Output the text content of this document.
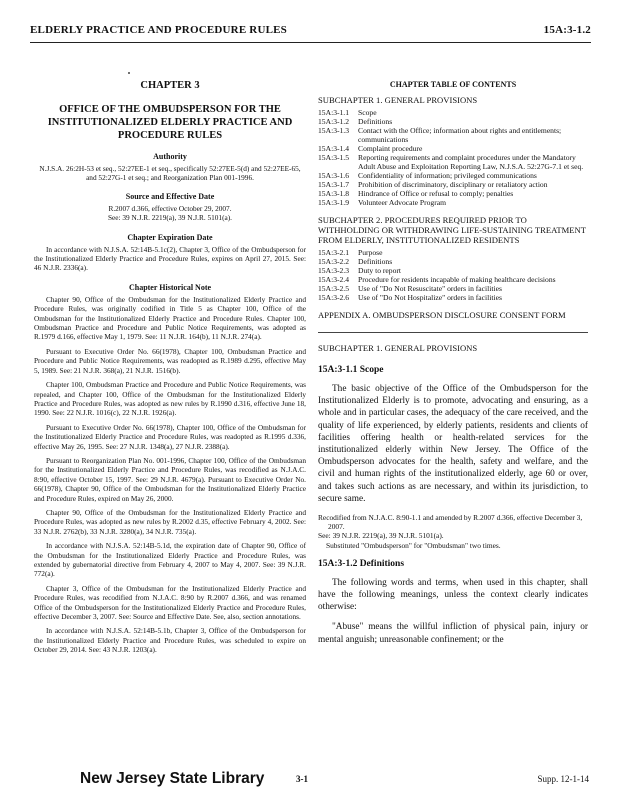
ELDERLY PRACTICE AND PROCEDURE RULES	15A:3-1.2
CHAPTER 3
OFFICE OF THE OMBUDSPERSON FOR THE INSTITUTIONALIZED ELDERLY PRACTICE AND PROCEDURE RULES
Authority
N.J.S.A. 26:2H-53 et seq., 52:27EE-1 et seq., specifically 52:27EE-5(d) and 52:27EE-65, and 52:27G-1 et seq.; and Reorganization Plan 001-1996.
Source and Effective Date
R.2007 d.366, effective October 29, 2007.
See: 39 N.J.R. 2219(a), 39 N.J.R. 5101(a).
Chapter Expiration Date

In accordance with N.J.S.A. 52:14B-5.1c(2), Chapter 3, Office of the Ombudsperson for the Institutionalized Elderly Practice and Procedure Rules, expires on April 27, 2015. See: 46 N.J.R. 2336(a).

Chapter Historical Note

Chapter 90, Office of the Ombudsman for the Institutionalized Elderly Practice and Procedure Rules, was originally codified in Title 5 as Chapter 100, Office of the Ombudsman for the Institutionalized Elderly Practice and Procedure Rules. Chapter 100, Ombudsman Practice and Procedure and Public Notice Requirements, was adopted as R.1979 d.166, effective May 1, 1979. See: 11 N.J.R. 164(b), 11 N.J.R. 274(a).

Pursuant to Executive Order No. 66(1978), Chapter 100, Ombudsman Practice and Procedure and Public Notice Requirements, was readopted as R.1989 d.295, effective May 5, 1989. See: 21 N.J.R. 368(a), 21 N.J.R. 1516(b).

Chapter 100, Ombudsman Practice and Procedure and Public Notice Requirements, was repealed, and Chapter 100, Office of the Ombudsman for the Institutionalized Elderly Practice and Procedure Rules, was adopted as new rules by R.1990 d.316, effective June 18, 1990. See: 22 N.J.R. 1016(c), 22 N.J.R. 1926(a).

Pursuant to Executive Order No. 66(1978), Chapter 100, Office of the Ombudsman for the Institutionalized Elderly Practice and Procedure Rules, was readopted as R.1995 d.336, effective May 26, 1995. See: 27 N.J.R. 1348(a), 27 N.J.R. 2388(a).

Pursuant to Reorganization Plan No. 001-1996, Chapter 100, Office of the Ombudsman for the Institutionalized Elderly Practice and Procedure Rules, was recodified as N.J.A.C. 8:90, effective October 15, 1997. See: 29 N.J.R. 4679(a). Pursuant to Executive Order No. 66(1978), Chapter 90, Office of the Ombudsman for the Institutionalized Elderly Practice and Procedure Rules, expired on May 26, 2000.

Chapter 90, Office of the Ombudsman for the Institutionalized Elderly Practice and Procedure Rules, was adopted as new rules by R.2002 d.35, effective February 4, 2002. See: 33 N.J.R. 2762(b), 33 N.J.R. 3280(a), 34 N.J.R. 735(a).

In accordance with N.J.S.A. 52:14B-5.1d, the expiration date of Chapter 90, Office of the Ombudsman for the Institutionalized Elderly Practice and Procedure Rules, was extended by gubernatorial directive from February 4, 2007 to May 4, 2007. See: 39 N.J.R. 772(a).

Chapter 3, Office of the Ombudsman for the Institutionalized Elderly Practice and Procedure Rules, was recodified from N.J.A.C. 8:90 by R.2007 d.366, and was renamed Office of the Ombudsperson for the Institutionalized Elderly Practice and Procedure Rules, effective December 3, 2007. See: Source and Effective Date. See, also, section annotations.

In accordance with N.J.S.A. 52:14B-5.1b, Chapter 3, Office of the Ombudsperson for the Institutionalized Elderly Practice and Procedure Rules, was scheduled to expire on October 29, 2014. See: 43 N.J.R. 1203(a).

CHAPTER TABLE OF CONTENTS
SUBCHAPTER 1. GENERAL PROVISIONS
15A:3-1.1	Scope
15A:3-1.2	Definitions
15A:3-1.3	Contact with the Office; information about rights and entitlements; communications
15A:3-1.4	Complaint procedure
15A:3-1.5	Reporting requirements and complaint procedures under the Mandatory Adult Abuse and Exploitation Reporting Law, N.J.S.A. 52:27G-7.1 et seq.
15A:3-1.6	Confidentiality of information; privileged communications
15A:3-1.7	Prohibition of discriminatory, disciplinary or retaliatory action
15A:3-1.8	Hindrance of Office or refusal to comply; penalties
15A:3-1.9	Volunteer Advocate Program
SUBCHAPTER 2. PROCEDURES REQUIRED PRIOR TO WITHHOLDING OR WITHDRAWING LIFE-SUSTAINING TREATMENT FROM ELDERLY, INSTITUTIONALIZED RESIDENTS
15A:3-2.1	Purpose
15A:3-2.2	Definitions
15A:3-2.3	Duty to report
15A:3-2.4	Procedure for residents incapable of making healthcare decisions
15A:3-2.5	Use of "Do Not Resuscitate" orders in facilities
15A:3-2.6	Use of "Do Not Hospitalize" orders in facilities
APPENDIX A. OMBUDSPERSON DISCLOSURE CONSENT FORM
SUBCHAPTER 1. GENERAL PROVISIONS
15A:3-1.1 Scope

The basic objective of the Office of the Ombudsperson for the Institutionalized Elderly is to promote, advocating and ensuring, as a whole and in particular cases, the adequacy of the care received, and the quality of life experienced, by elderly patients, residents and clients of facilities offering health or health-related services for the institutionalized elderly within New Jersey. The Office of the Ombudsperson advocates for the health, safety and welfare, and the civil and human rights of the institutionalized elderly, age 60 or over, and takes such actions as are necessary, and within its jurisdiction, to secure same.

Recodified from N.J.A.C. 8:90-1.1 and amended by R.2007 d.366, effective December 3, 2007.
See: 39 N.J.R. 2219(a), 39 N.J.R. 5101(a).
Substituted "Ombudsperson" for "Ombudsman" two times.
15A:3-1.2 Definitions

The following words and terms, when used in this chapter, shall have the following meanings, unless the context clearly indicates otherwise:

"Abuse" means the willful infliction of physical pain, injury or mental anguish; unreasonable confinement; or the

New Jersey State Library	3-1	Supp. 12-1-14
